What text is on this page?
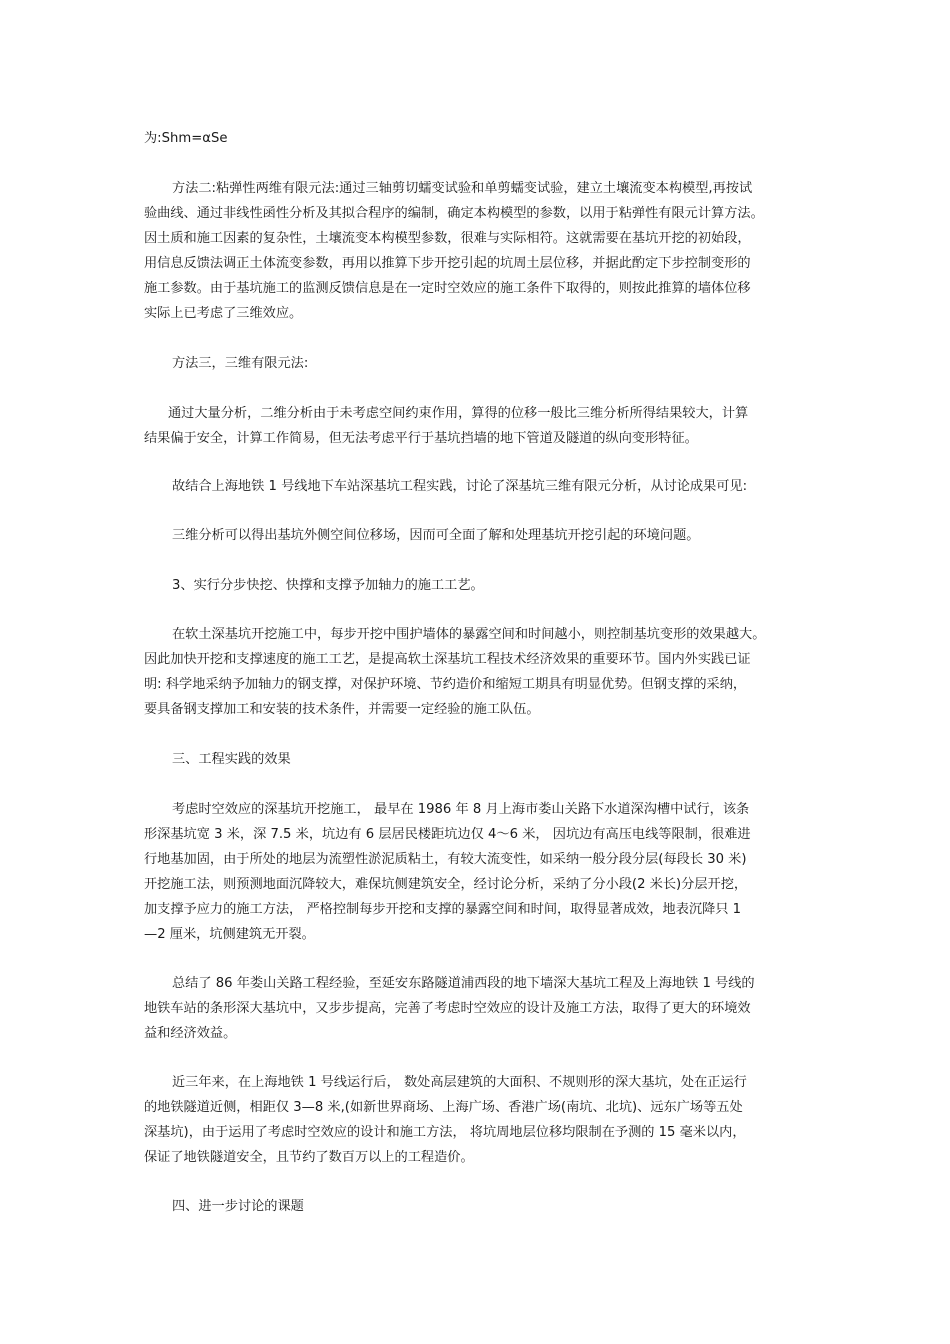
为:Shm=αSe

方法二:粘弹性两维有限元法:通过三轴剪切蠕变试验和单剪蠕变试验，建立土壤流变本构模型,再按试
验曲线、通过非线性函性分析及其拟合程序的编制，确定本构模型的参数，以用于粘弹性有限元计算方法。
因土质和施工因素的复杂性，土壤流变本构模型参数，很难与实际相符。这就需要在基坑开挖的初始段，
用信息反馈法调正土体流变参数，再用以推算下步开挖引起的坑周土层位移，并据此酌定下步控制变形的
施工参数。由于基坑施工的监测反馈信息是在一定时空效应的施工条件下取得的，则按此推算的墙体位移
实际上已考虑了三维效应。

方法三，三维有限元法:

通过大量分析，二维分析由于未考虑空间约束作用，算得的位移一般比三维分析所得结果较大，计算
结果偏于安全，计算工作简易，但无法考虑平行于基坑挡墙的地下管道及隧道的纵向变形特征。

故结合上海地铁 1 号线地下车站深基坑工程实践，讨论了深基坑三维有限元分析，从讨论成果可见:

三维分析可以得出基坑外侧空间位移场，因而可全面了解和处理基坑开挖引起的环境问题。

3、实行分步快挖、快撑和支撑予加轴力的施工工艺。

在软土深基坑开挖施工中，每步开挖中围护墙体的暴露空间和时间越小，则控制基坑变形的效果越大。
因此加快开挖和支撑速度的施工工艺，是提高软土深基坑工程技术经济效果的重要环节。国内外实践已证
明: 科学地采纳予加轴力的钢支撑，对保护环境、节约造价和缩短工期具有明显优势。但钢支撑的采纳，
要具备钢支撑加工和安装的技术条件，并需要一定经验的施工队伍。

三、工程实践的效果

考虑时空效应的深基坑开挖施工， 最早在 1986 年 8 月上海市娄山关路下水道深沟槽中试行，该条
形深基坑宽 3 米，深 7.5 米，坑边有 6 层居民楼距坑边仅 4～6 米， 因坑边有高压电线等限制，很难进
行地基加固，由于所处的地层为流塑性淤泥质粘土，有较大流变性，如采纳一般分段分层(每段长 30 米)
开挖施工法，则预测地面沉降较大，难保坑侧建筑安全，经讨论分析，采纳了分小段(2 米长)分层开挖，
加支撑予应力的施工方法， 严格控制每步开挖和支撑的暴露空间和时间，取得显著成效，地表沉降只 1
—2 厘米，坑侧建筑无开裂。

总结了 86 年娄山关路工程经验，至延安东路隧道浦西段的地下墙深大基坑工程及上海地铁 1 号线的
地铁车站的条形深大基坑中，又步步提高，完善了考虑时空效应的设计及施工方法，取得了更大的环境效
益和经济效益。

近三年来，在上海地铁 1 号线运行后， 数处高层建筑的大面积、不规则形的深大基坑，处在正运行
的地铁隧道近侧，相距仅 3—8 米,(如新世界商场、上海广场、香港广场(南坑、北坑)、远东广场等五处
深基坑)，由于运用了考虑时空效应的设计和施工方法， 将坑周地层位移均限制在予测的 15 毫米以内，
保证了地铁隧道安全，且节约了数百万以上的工程造价。

四、进一步讨论的课题
